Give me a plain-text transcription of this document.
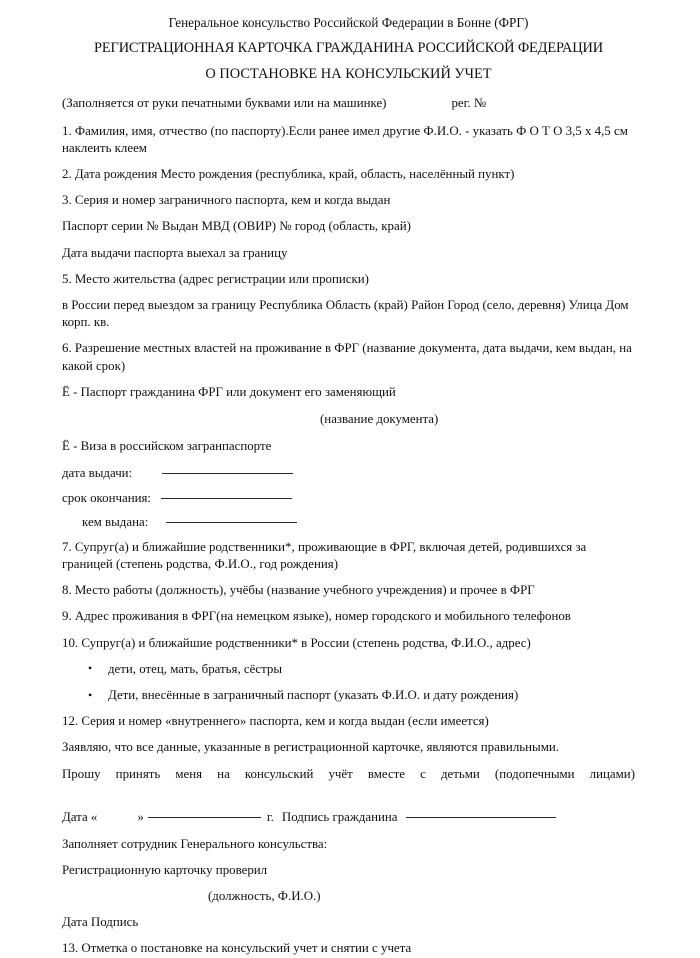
Генеральное консульство Российской Федерации в Бонне (ФРГ)
РЕГИСТРАЦИОННАЯ КАРТОЧКА ГРАЖДАНИНА РОССИЙСКОЙ ФЕДЕРАЦИИ
О ПОСТАНОВКЕ НА КОНСУЛЬСКИЙ УЧЕТ
(Заполняется от руки печатными буквами или на машинке)	рег. №
1. Фамилия, имя, отчество (по паспорту).Если ранее имел другие Ф.И.О. - указать Ф О Т О 3,5 х 4,5 см наклеить клеем
2. Дата рождения Место рождения (республика, край, область, населённый пункт)
3. Серия и номер заграничного паспорта, кем и когда выдан
Паспорт серии № Выдан МВД (ОВИР) № город (область, край)
Дата выдачи паспорта выехал за границу
5. Место жительства (адрес регистрации или прописки)
в России перед выездом за границу Республика Область (край) Район Город (село, деревня) Улица Дом корп. кв.
6. Разрешение местных властей на проживание в ФРГ (название документа, дата выдачи, кем выдан, на какой срок)
Ë - Паспорт гражданина ФРГ или документ его заменяющий
(название документа)
Ë - Виза в российском загранпаспорте
дата выдачи:
срок окончания:
кем выдана:
7. Супруг(а) и ближайшие родственники*, проживающие в ФРГ, включая детей, родившихся за границей (степень родства, Ф.И.О., год рождения)
8. Место работы (должность), учёбы (название учебного учреждения) и прочее в ФРГ
9. Адрес проживания в ФРГ(на немецком языке), номер городского и мобильного телефонов
10. Супруг(а) и ближайшие родственники* в России (степень родства, Ф.И.О., адрес)
• дети, отец, мать, братья, сёстры
• Дети, внесённые в заграничный паспорт (указать Ф.И.О. и дату рождения)
12. Серия и номер «внутреннего» паспорта, кем и когда выдан (если имеется)
Заявляю, что все данные, указанные в регистрационной карточке, являются правильными.
Прошу принять меня на консульский учёт вместе с детьми (подопечными лицами)
Дата «	»	г. Подпись гражданина
Заполняет сотрудник Генерального консульства:
Регистрационную карточку проверил
(должность, Ф.И.О.)
Дата Подпись
13. Отметка о постановке на консульский учет и снятии с учета
